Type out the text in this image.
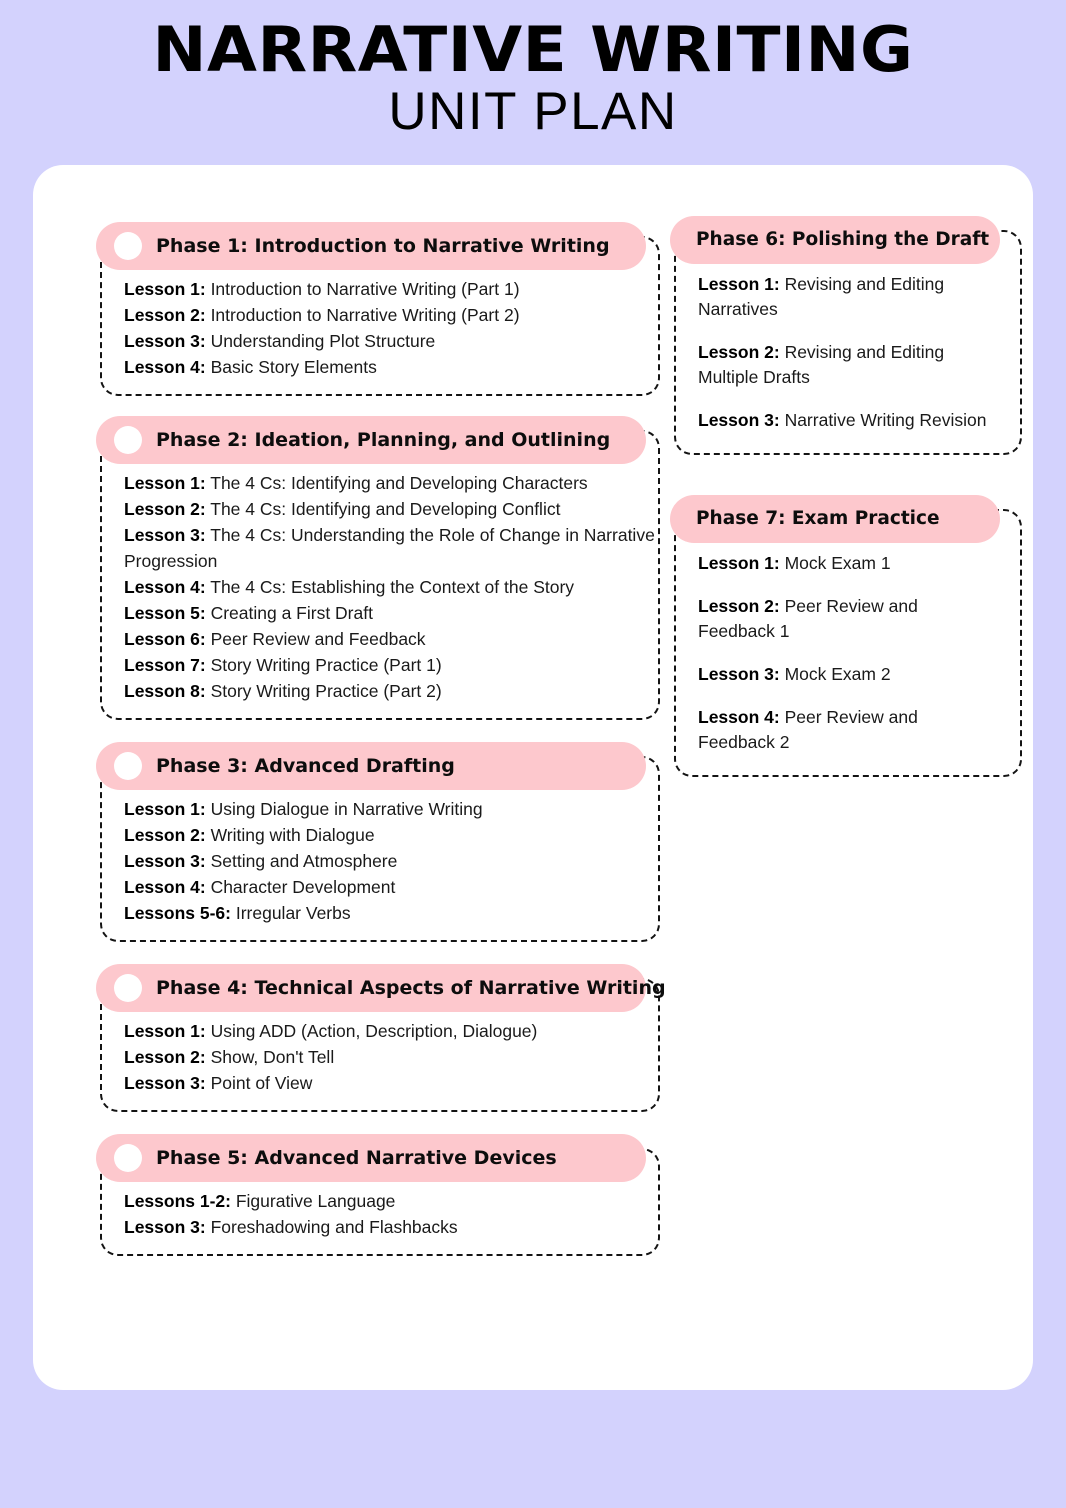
NARRATIVE WRITING
UNIT PLAN
Phase 1: Introduction to Narrative Writing
Lesson 1: Introduction to Narrative Writing (Part 1)
Lesson 2: Introduction to Narrative Writing (Part 2)
Lesson 3: Understanding Plot Structure
Lesson 4: Basic Story Elements
Phase 2: Ideation, Planning, and Outlining
Lesson 1: The 4 Cs: Identifying and Developing Characters
Lesson 2: The 4 Cs: Identifying and Developing Conflict
Lesson 3: The 4 Cs: Understanding the Role of Change in Narrative Progression
Lesson 4: The 4 Cs: Establishing the Context of the Story
Lesson 5: Creating a First Draft
Lesson 6: Peer Review and Feedback
Lesson 7: Story Writing Practice (Part 1)
Lesson 8: Story Writing Practice (Part 2)
Phase 3: Advanced Drafting
Lesson 1: Using Dialogue in Narrative Writing
Lesson 2: Writing with Dialogue
Lesson 3: Setting and Atmosphere
Lesson 4: Character Development
Lessons 5-6: Irregular Verbs
Phase 4: Technical Aspects of Narrative Writing
Lesson 1: Using ADD (Action, Description, Dialogue)
Lesson 2: Show, Don't Tell
Lesson 3: Point of View
Phase 5: Advanced Narrative Devices
Lessons 1-2: Figurative Language
Lesson 3: Foreshadowing and Flashbacks
Phase 6: Polishing the Draft
Lesson 1: Revising and Editing Narratives
Lesson 2: Revising and Editing Multiple Drafts
Lesson 3: Narrative Writing Revision
Phase 7: Exam Practice
Lesson 1: Mock Exam 1
Lesson 2: Peer Review and Feedback 1
Lesson 3: Mock Exam 2
Lesson 4: Peer Review and Feedback 2
